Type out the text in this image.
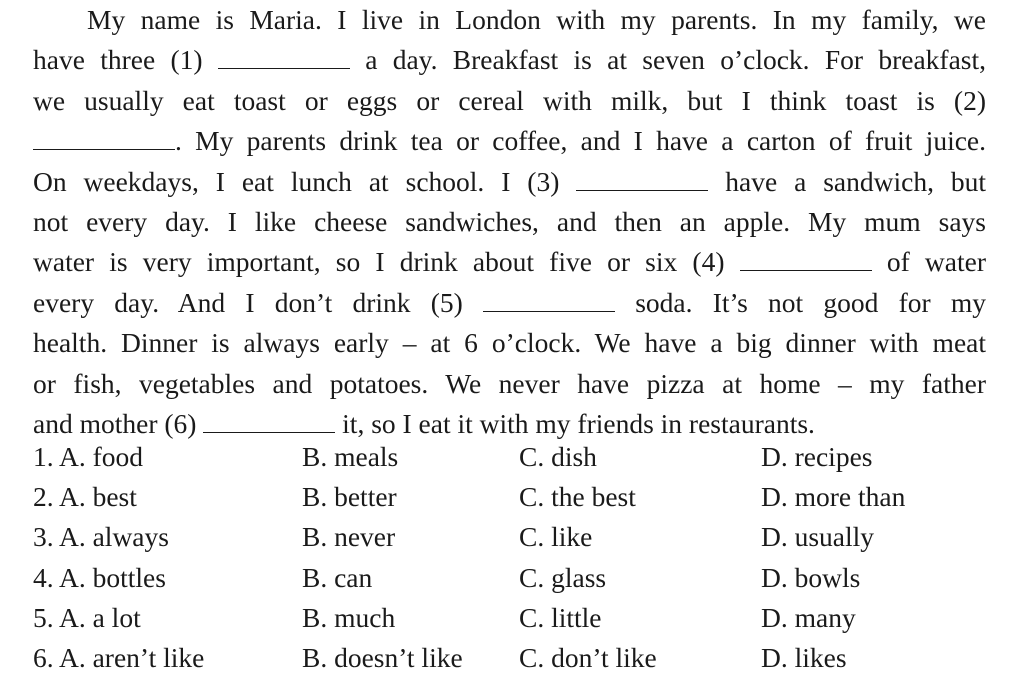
My name is Maria. I live in London with my parents. In my family, we
have three (1)	a day. Breakfast is at seven o’clock. For breakfast,
we usually eat toast or eggs or cereal with milk, but I think toast is (2)
. My parents drink tea or coffee, and I have a carton of fruit juice.
On weekdays, I eat lunch at school. I (3)	have a sandwich, but
not every day. I like cheese sandwiches, and then an apple. My mum says
water is very important, so I drink about five or six (4)	of water
every day. And I don’t drink (5)	soda. It’s not good for my
health. Dinner is always early – at 6 o’clock. We have a big dinner with meat
or fish, vegetables and potatoes. We never have pizza at home – my father
and mother (6)	it, so I eat it with my friends in restaurants.
1. A. food	B. meals	C. dish	D. recipes
2. A. best	B. better	C. the best	D. more than
3. A. always	B. never	C. like	D. usually
4. A. bottles	B. can	C. glass	D. bowls
5. A. a lot	B. much	C. little	D. many
6. A. aren’t like	B. doesn’t like C. don’t like	D. likes
